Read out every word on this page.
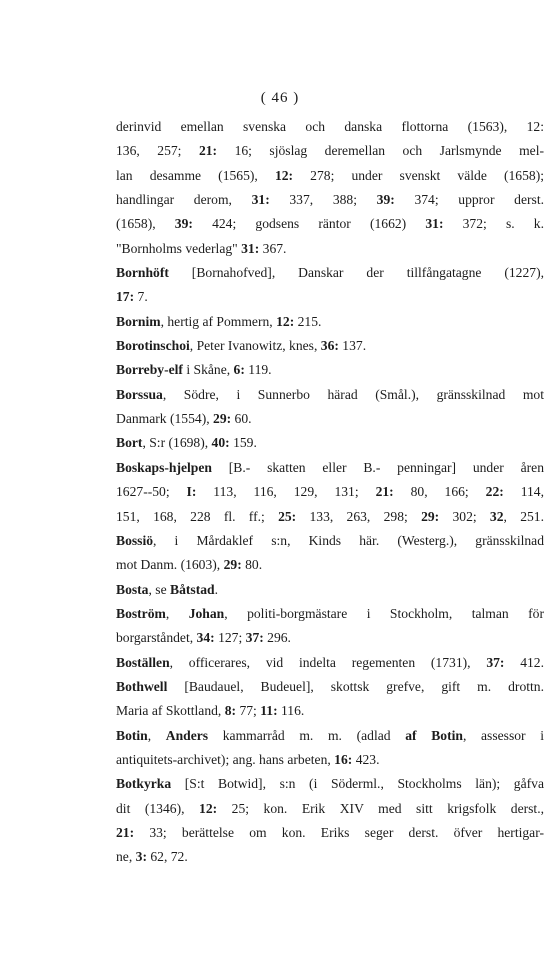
( 46 )
derinvid emellan svenska och danska flottorna (1563), 12:
136, 257; 21: 16; sjöslag deremellan och Jarlsmynde mel-
lan desamme (1565), 12: 278; under svenskt välde (1658);
handlingar derom, 31: 337, 388; 39: 374; uppror derst.
(1658), 39: 424; godsens räntor (1662) 31: 372; s. k.
"Bornholms vederlag" 31: 367.
Bornhöft [Bornahofved], Danskar der tillfångatagne (1227),
17: 7.
Bornim, hertig af Pommern, 12: 215.
Borotinschoi, Peter Ivanowitz, knes, 36: 137.
Borreby-elf i Skåne, 6: 119.
Borssua, Södre, i Sunnerbo härad (Smål.), gränsskilnad mot
Danmark (1554), 29: 60.
Bort, S:r (1698), 40: 159.
Boskaps-hjelpen [B.- skatten eller B.- penningar] under åren
1627--50; I: 113, 116, 129, 131; 21: 80, 166; 22: 114,
151, 168, 228 fl. ff.; 25: 133, 263, 298; 29: 302; 32, 251.
Bossiö, i Mårdaklef s:n, Kinds här. (Westerg.), gränsskilnad
mot Danm. (1603), 29: 80.
Bosta, se Båtstad.
Boström, Johan, politi-borgmästare i Stockholm, talman för
borgarståndet, 34: 127; 37: 296.
Boställen, officerares, vid indelta regementen (1731), 37: 412.
Bothwell [Baudauel, Budeuel], skottsk grefve, gift m. drottn.
Maria af Skottland, 8: 77; 11: 116.
Botin, Anders kammarråd m. m. (adlad af Botin, assessor i
antiquitets-archivet); ang. hans arbeten, 16: 423.
Botkyrka [S:t Botwid], s:n (i Söderml., Stockholms län); gåfva
dit (1346), 12: 25; kon. Erik XIV med sitt krigsfolk derst.,
21: 33; berättelse om kon. Eriks seger derst. öfver hertigar-
ne, 3: 62, 72.
